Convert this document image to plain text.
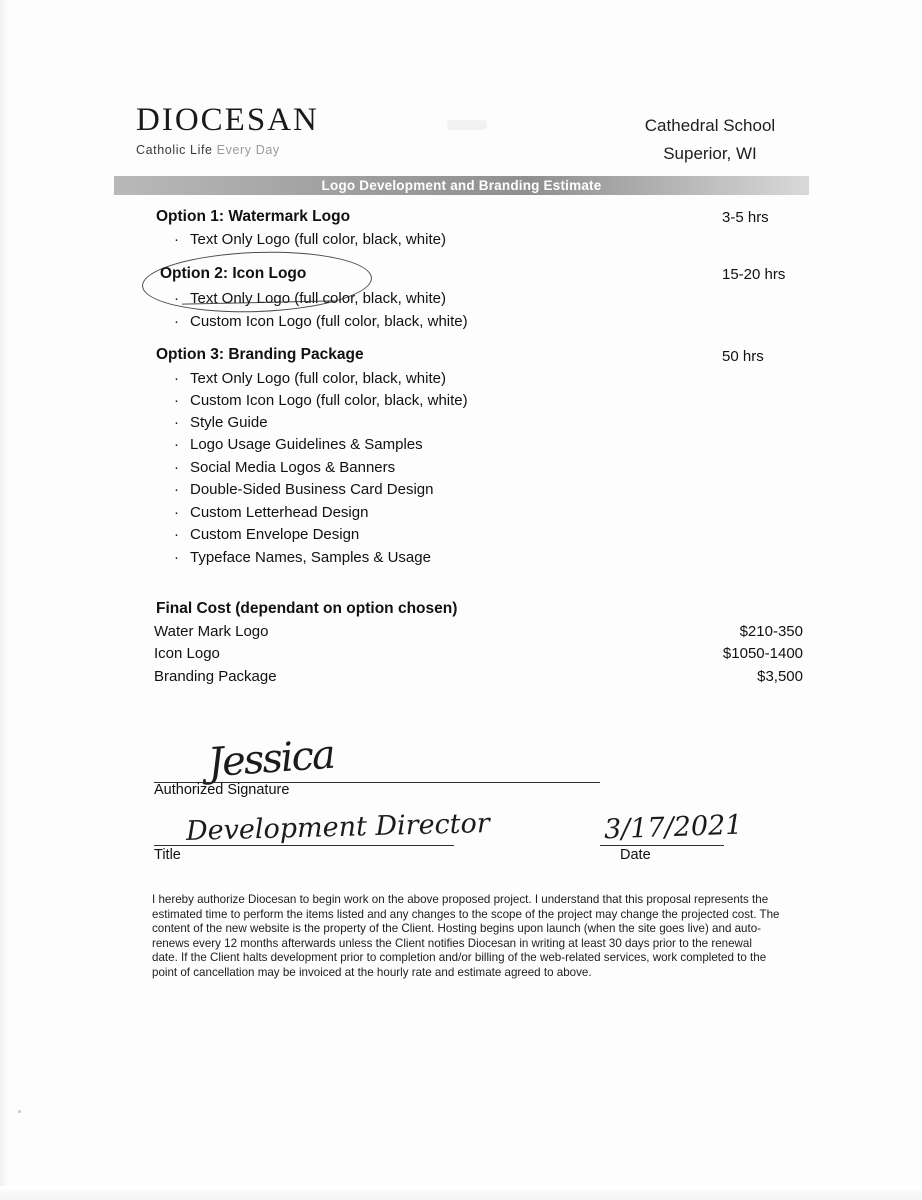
DIOCESAN
Catholic Life Every Day
Cathedral School
Superior, WI
Logo Development and Branding Estimate
Option 1: Watermark Logo	3-5 hrs
· Text Only Logo (full color, black, white)
Option 2: Icon Logo	15-20 hrs
· Text Only Logo (full color, black, white)
· Custom Icon Logo (full color, black, white)
Option 3: Branding Package	50 hrs
· Text Only Logo (full color, black, white)
· Custom Icon Logo (full color, black, white)
· Style Guide
· Logo Usage Guidelines & Samples
· Social Media Logos & Banners
· Double-Sided Business Card Design
· Custom Letterhead Design
· Custom Envelope Design
· Typeface Names, Samples & Usage
Final Cost (dependant on option chosen)
Water Mark Logo	$210-350
Icon Logo	$1050-1400
Branding Package	$3,500
Jessica
Authorized Signature
Development Director
Title
3/17/2021
Date
I hereby authorize Diocesan to begin work on the above proposed project. I understand that this proposal represents the estimated time to perform the items listed and any changes to the scope of the project may change the projected cost. The content of the new website is the property of the Client. Hosting begins upon launch (when the site goes live) and auto-renews every 12 months afterwards unless the Client notifies Diocesan in writing at least 30 days prior to the renewal date. If the Client halts development prior to completion and/or billing of the web-related services, work completed to the point of cancellation may be invoiced at the hourly rate and estimate agreed to above.
